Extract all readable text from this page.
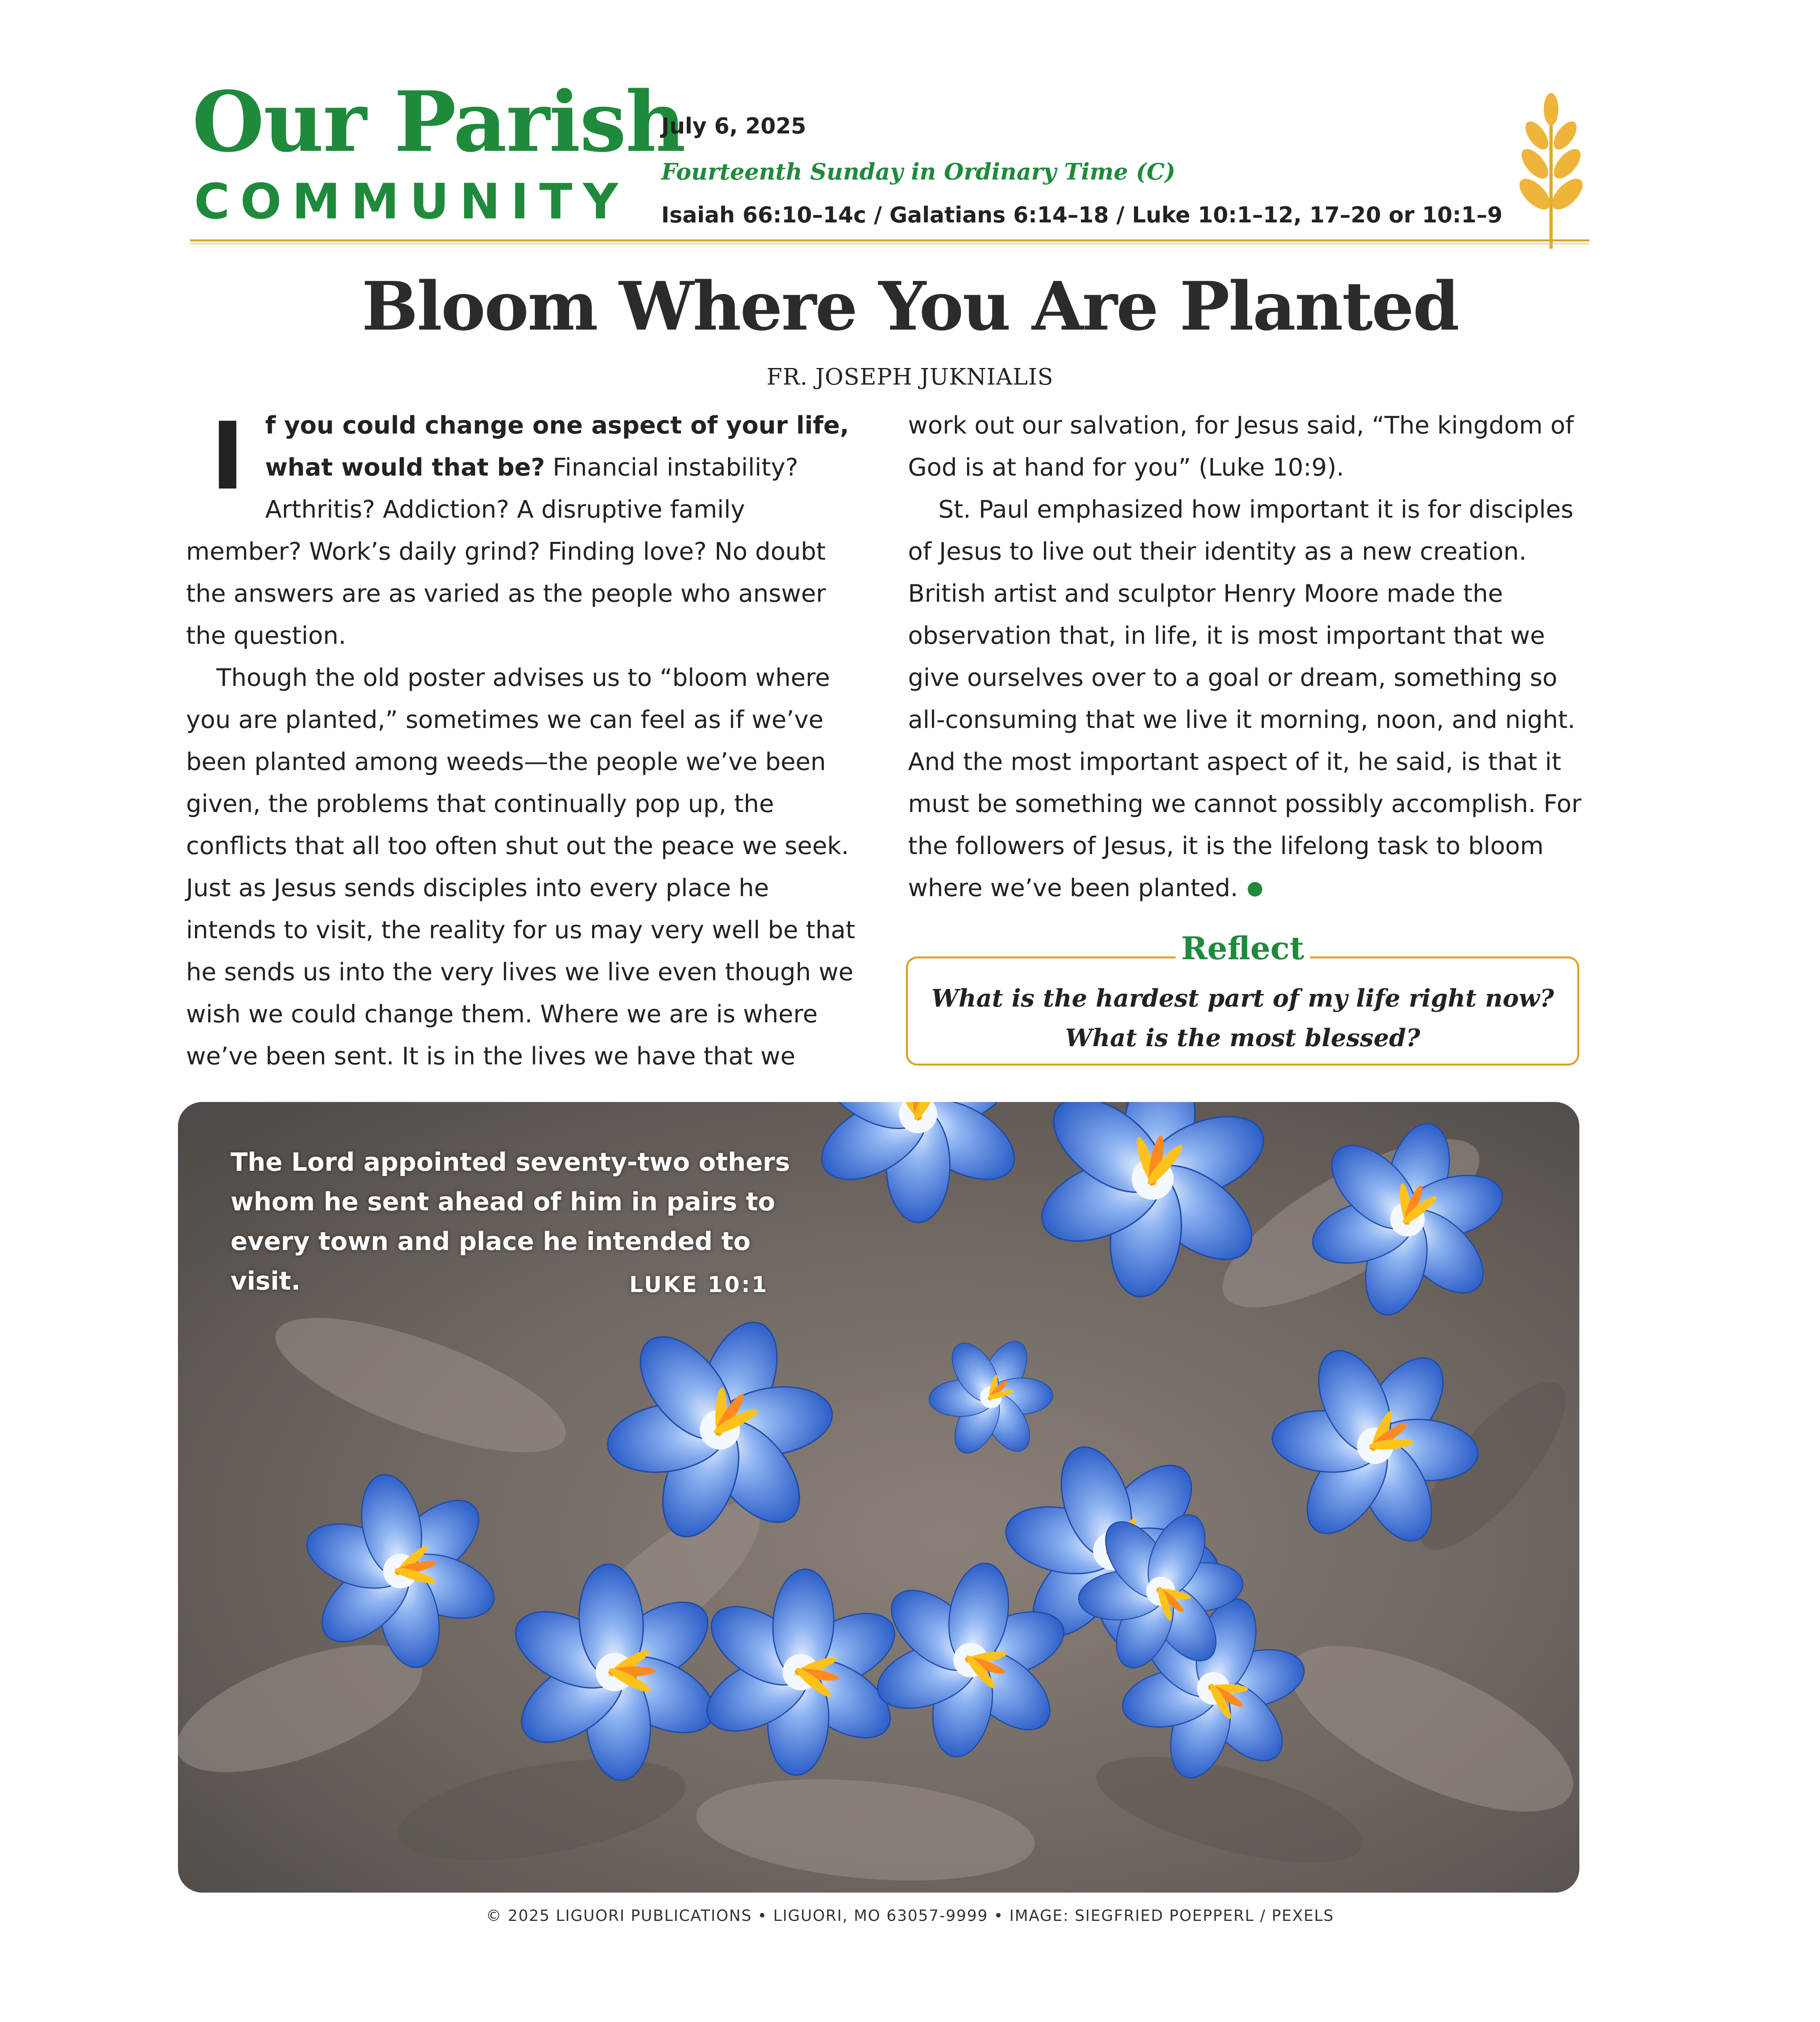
Our Parish
COMMUNITY
July 6, 2025
Fourteenth Sunday in Ordinary Time (C)
Isaiah 66:10–14c / Galatians 6:14–18 / Luke 10:1–12, 17–20 or 10:1–9
Bloom Where You Are Planted
FR. JOSEPH JUKNIALIS

If you could change one aspect of your life, what would that be? Financial instability? Arthritis? Addiction? A disruptive family member? Work’s daily grind? Finding love? No doubt the answers are as varied as the people who answer the question.

Though the old poster advises us to “bloom where you are planted,” sometimes we can feel as if we’ve been planted among weeds—the people we’ve been given, the problems that continually pop up, the conflicts that all too often shut out the peace we seek. Just as Jesus sends disciples into every place he intends to visit, the reality for us may very well be that he sends us into the very lives we live even though we wish we could change them. Where we are is where we’ve been sent. It is in the lives we have that we

work out our salvation, for Jesus said, “The kingdom of God is at hand for you” (Luke 10:9).

St. Paul emphasized how important it is for disciples of Jesus to live out their identity as a new creation. British artist and sculptor Henry Moore made the observation that, in life, it is most important that we give ourselves over to a goal or dream, something so all-consuming that we live it morning, noon, and night. And the most important aspect of it, he said, is that it must be something we cannot possibly accomplish. For the followers of Jesus, it is the lifelong task to bloom where we’ve been planted.

Reflect
What is the hardest part of my life right now?
What is the most blessed?
The Lord appointed seventy-two others whom he sent ahead of him in pairs to every town and place he intended to visit.	LUKE 10:1
© 2025 LIGUORI PUBLICATIONS • LIGUORI, MO 63057-9999 • IMAGE: SIEGFRIED POEPPERL / PEXELS
